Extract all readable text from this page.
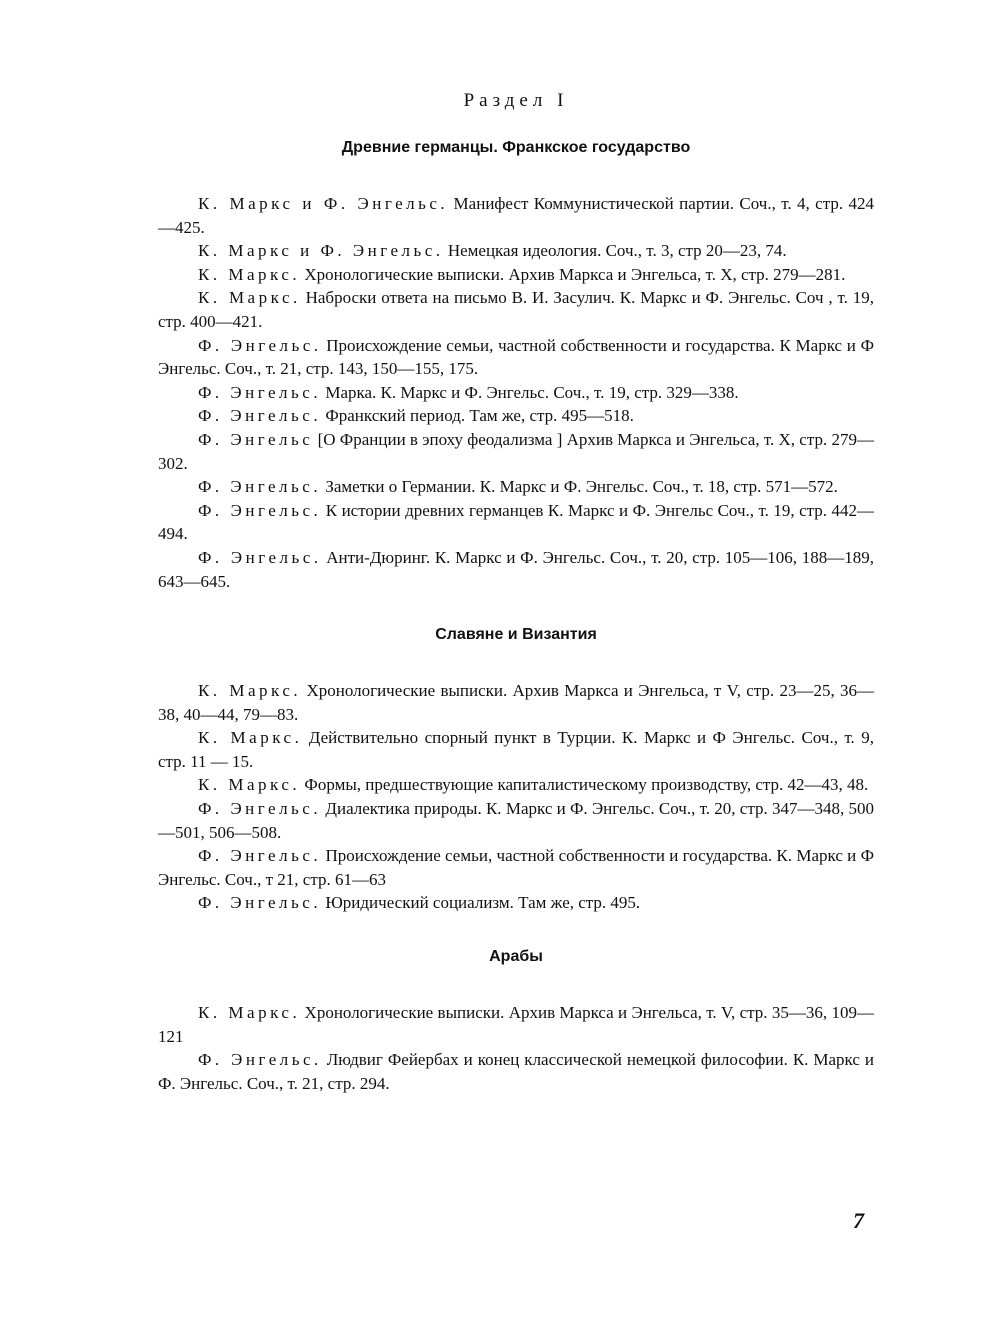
Раздел I
Древние германцы. Франкское государство

К. Маркс и Ф. Энгельс. Манифест Коммунистической партии. Соч., т. 4, стр. 424—425.

К. Маркс и Ф. Энгельс. Немецкая идеология. Соч., т. 3, стр 20—23, 74.

К. Маркс. Хронологические выписки. Архив Маркса и Энгельса, т. X, стр. 279—281.

К. Маркс. Наброски ответа на письмо В. И. Засулич. К. Маркс и Ф. Энгельс. Соч , т. 19, стр. 400—421.

Ф. Энгельс. Происхождение семьи, частной собственности и государства. К Маркс и Ф Энгельс. Соч., т. 21, стр. 143, 150—155, 175.

Ф. Энгельс. Марка. К. Маркс и Ф. Энгельс. Соч., т. 19, стр. 329—338.

Ф. Энгельс. Франкский период. Там же, стр. 495—518.

Ф. Энгельс [О Франции в эпоху феодализма ] Архив Маркса и Энгельса, т. X, стр. 279—302.

Ф. Энгельс. Заметки о Германии. К. Маркс и Ф. Энгельс. Соч., т. 18, стр. 571—572.

Ф. Энгельс. К истории древних германцев К. Маркс и Ф. Энгельс Соч., т. 19, стр. 442—494.

Ф. Энгельс. Анти-Дюринг. К. Маркс и Ф. Энгельс. Соч., т. 20, стр. 105—106, 188—189, 643—645.

Славяне и Византия

К. Маркс. Хронологические выписки. Архив Маркса и Энгельса, т V, стр. 23—25, 36—38, 40—44, 79—83.

К. Маркс. Действительно спорный пункт в Турции. К. Маркс и Ф Энгельс. Соч., т. 9, стр. 11 — 15.

К. Маркс. Формы, предшествующие капиталистическому производству, стр. 42—43, 48.

Ф. Энгельс. Диалектика природы. К. Маркс и Ф. Энгельс. Соч., т. 20, стр. 347—348, 500—501, 506—508.

Ф. Энгельс. Происхождение семьи, частной собственности и государства. К. Маркс и Ф Энгельс. Соч., т 21, стр. 61—63

Ф. Энгельс. Юридический социализм. Там же, стр. 495.

Арабы

К. Маркс. Хронологические выписки. Архив Маркса и Энгельса, т. V, стр. 35—36, 109—121

Ф. Энгельс. Людвиг Фейербах и конец классической немецкой философии. К. Маркс и Ф. Энгельс. Соч., т. 21, стр. 294.

7
